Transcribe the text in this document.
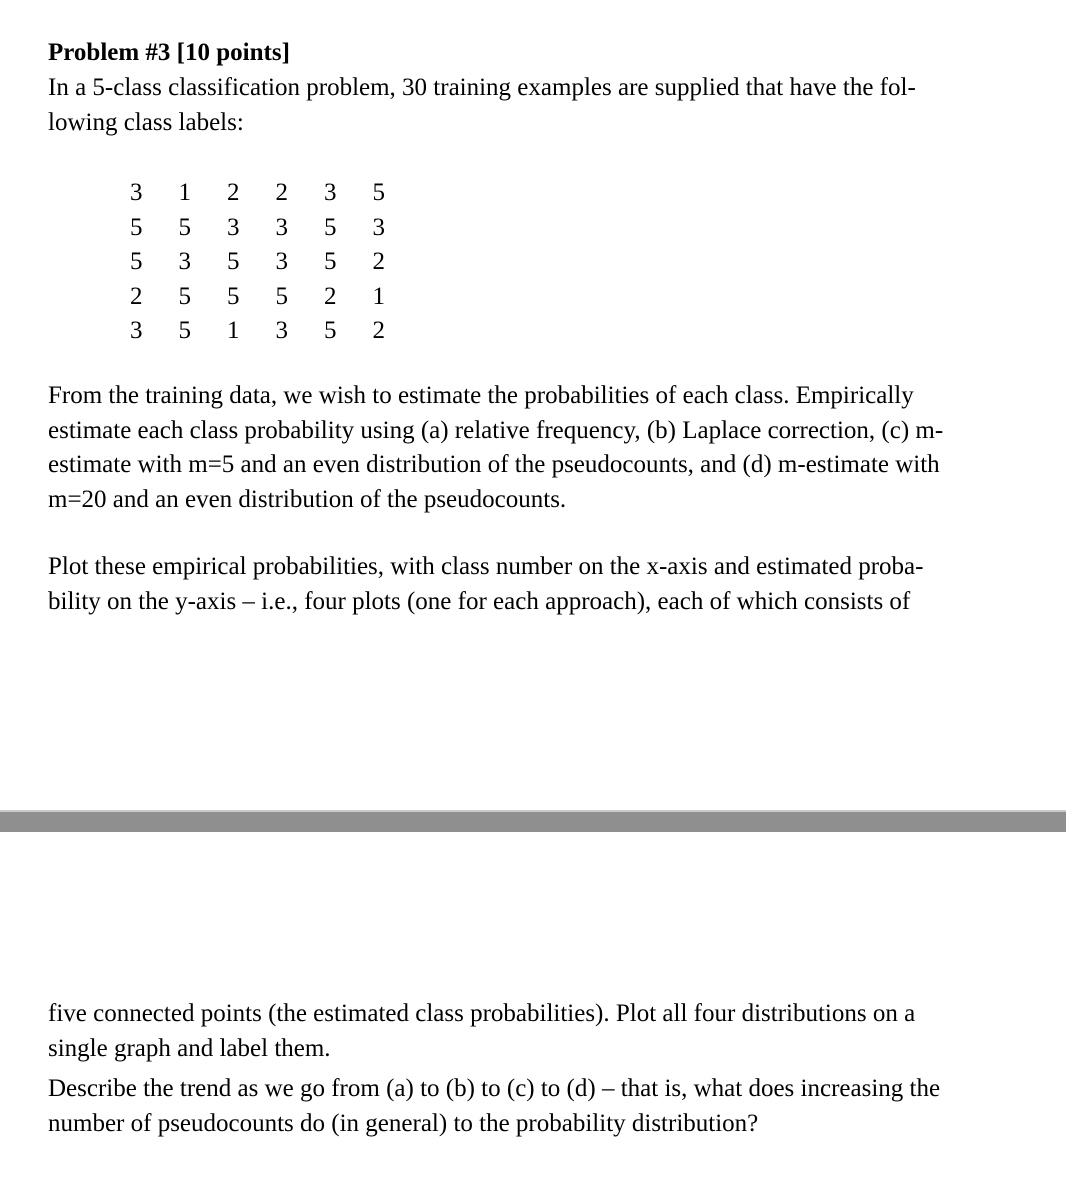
Problem #3 [10 points]

In a 5-class classification problem, 30 training examples are supplied that have the fol-
lowing class labels:

3	1	2	2	3	5
5	5	3	3	5	3
5	3	5	3	5	2
2	5	5	5	2	1
3	5	1	3	5	2

From the training data, we wish to estimate the probabilities of each class. Empirically
estimate each class probability using (a) relative frequency, (b) Laplace correction, (c) m-
estimate with m=5 and an even distribution of the pseudocounts, and (d) m-estimate with
m=20 and an even distribution of the pseudocounts.

Plot these empirical probabilities, with class number on the x-axis and estimated proba-
bility on the y-axis – i.e., four plots (one for each approach), each of which consists of

five connected points (the estimated class probabilities). Plot all four distributions on a
single graph and label them.

Describe the trend as we go from (a) to (b) to (c) to (d) – that is, what does increasing the
number of pseudocounts do (in general) to the probability distribution?
